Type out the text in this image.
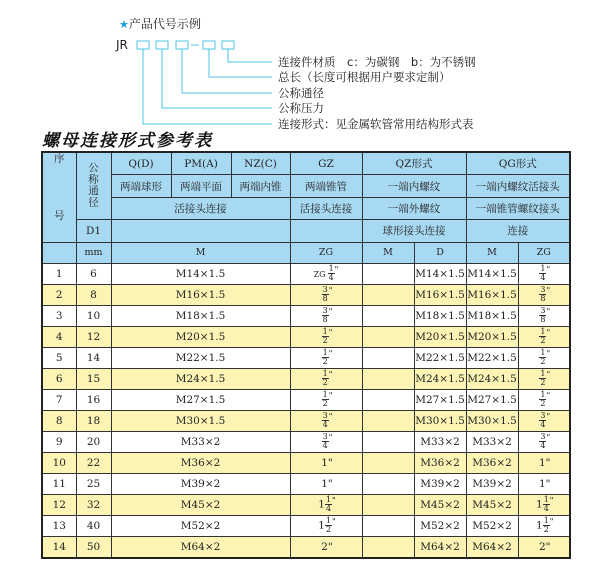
★产品代号示例
JR
连接件材质　c：为碳钢　b：为不锈钢
总长（长度可根据用户要求定制）
公称通径
公称压力
连接形式：见金属软管常用结构形式表
螺母连接形式参考表
序　号	公称通径	Q(D)	PM(A)	NZ(C)	GZ	QZ形式		QG形式	
		两端球形	两端平面	两端内锥	两端锥管	一端内螺纹		一端内螺纹活接头	
		活接头连接			活接头连接	一端外螺纹		一端锥管螺纹接头	
	D1					球形接头连接		连接	
	mm	M			ZG	M	D	M	ZG
1	6	M14×1.5			ZG $\frac{1}{4} ^"$		M14×1.5	M14×1.5	$\frac{1}{4} ^"$
2	8	M16×1.5			$\frac{3}{8} ^"$		M16×1.5	M16×1.5	$\frac{3}{8} ^"$
3	10	M18×1.5			$\frac{3}{8} ^"$		M18×1.5	M18×1.5	$\frac{3}{8} ^"$
4	12	M20×1.5			$\frac{1}{2} ^"$		M20×1.5	M20×1.5	$\frac{1}{2} ^"$
5	14	M22×1.5			$\frac{1}{2} ^"$		M22×1.5	M22×1.5	$\frac{1}{2} ^"$
6	15	M24×1.5			$\frac{1}{2} ^"$		M24×1.5	M24×1.5	$\frac{1}{2} ^"$
7	16	M27×1.5			$\frac{1}{2} ^"$		M27×1.5	M27×1.5	$\frac{1}{2} ^"$
8	18	M30×1.5			$\frac{3}{4} ^"$		M30×1.5	M30×1.5	$\frac{3}{4} ^"$
9	20	M33×2			$\frac{3}{4} ^"$		M33×2	M33×2	$\frac{3}{4} ^"$
10	22	M36×2			1"		M36×2	M36×2	1"
11	25	M39×2			1"		M39×2	M39×2	1"
12	32	M45×2			$1 \frac{1}{4} ^"$		M45×2	M45×2	$1 \frac{1}{4} ^"$
13	40	M52×2			$1 \frac{1}{2} ^"$		M52×2	M52×2	$1 \frac{1}{2} ^"$
14	50	M64×2			2"		M64×2	M64×2	2"
